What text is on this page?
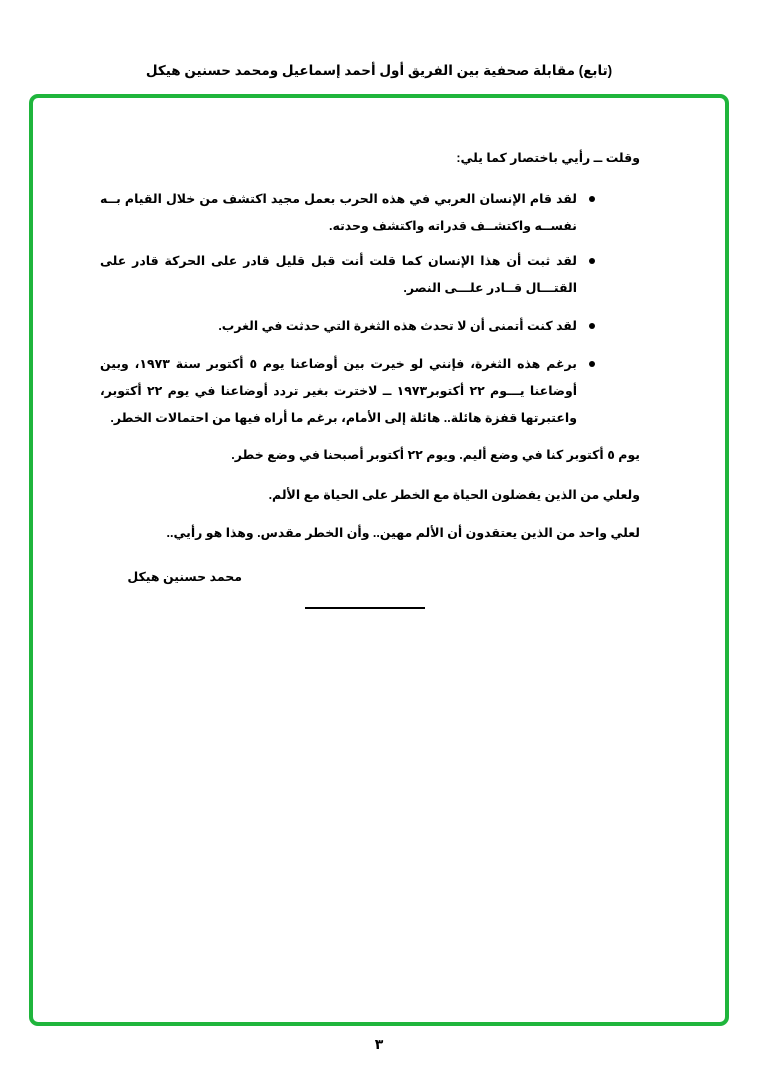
(تابع) مقابلة صحفية بين الفريق أول أحمد إسماعيل ومحمد حسنين هيكل
وقلت ــ رأيي باختصار كما يلي:
لقد قام الإنسان العربي في هذه الحرب بعمل مجيد اكتشف من خلال القيام بــه نفســه واكتشــف قدراته واكتشف وحدته.
لقد ثبت أن هذا الإنسان كما قلت أنت قبل قليل قادر على الحركة قادر على القتـــال قــادر علـــى النصر.
لقد كنت أتمنى أن لا تحدث هذه الثغرة التي حدثت في الغرب.
برغم هذه الثغرة، فإنني لو خيرت بين أوضاعنا يوم ٥ أكتوبر سنة ١٩٧٣، وبين أوضاعنا يـــوم ٢٢ أكتوبر١٩٧٣ ــ لاخترت بغير تردد أوضاعنا في يوم ٢٢ أكتوبر، واعتبرتها قفزة هائلة.. هائلة إلى الأمام، برغم ما أراه فيها من احتمالات الخطر.
يوم ٥ أكتوبر كنا في وضع أليم. ويوم ٢٢ أكتوبر أصبحنا في وضع خطر.
ولعلي من الذين يفضلون الحياة مع الخطر على الحياة مع الألم.
لعلي واحد من الذين يعتقدون أن الألم مهين.. وأن الخطر مقدس. وهذا هو رأيي..
محمد حسنين هيكل
٣
